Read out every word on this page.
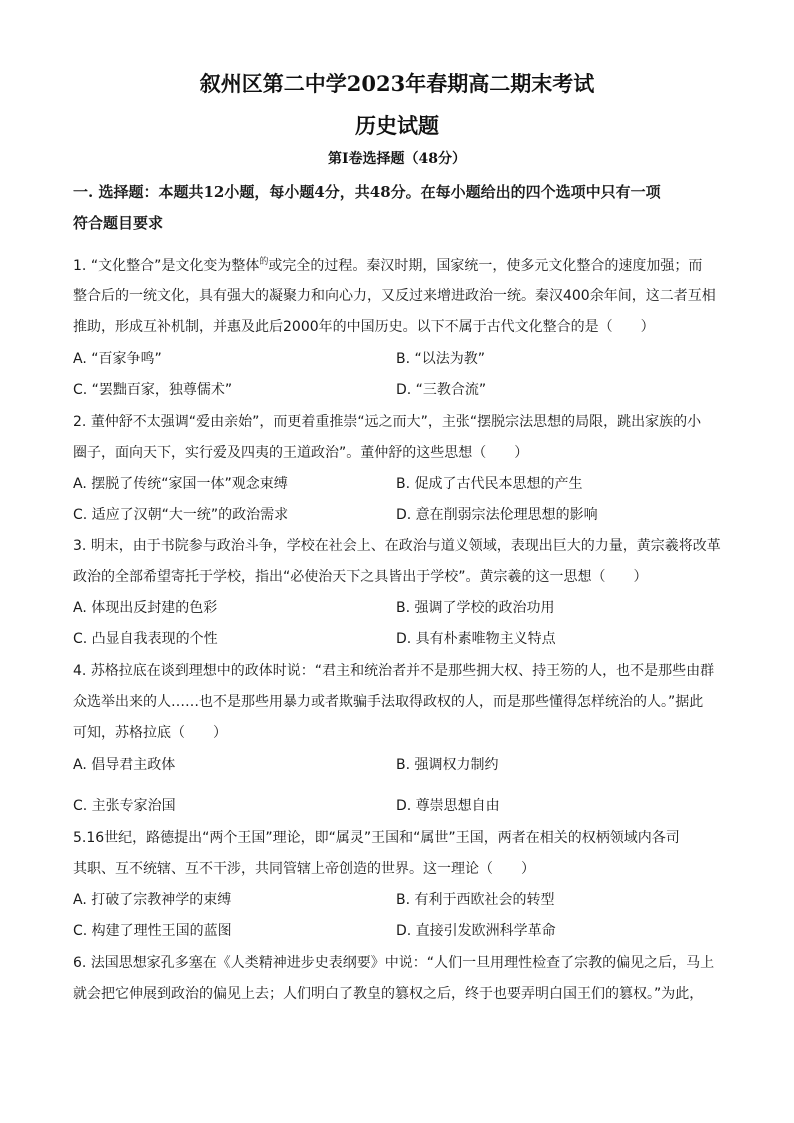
叙州区第二中学2023年春期高二期末考试
历史试题
第I卷选择题（48分）
一. 选择题：本题共12小题，每小题4分，共48分。在每小题给出的四个选项中只有一项
符合题目要求
1. “文化整合”是文化变为整体$^的$或完全的过程。秦汉时期，国家统一，使多元文化整合的速度加强；而
整合后的一统文化，具有强大的凝聚力和向心力，又反过来增进政治一统。秦汉400余年间，这二者互相
推助，形成互补机制，并惠及此后2000年的中国历史。以下不属于古代文化整合的是（　　）
A. “百家争鸣”	B. “以法为教”
C. “罢黜百家，独尊儒术”	D. “三教合流”
2. 董仲舒不太强调“爱由亲始”，而更着重推崇“远之而大”，主张“摆脱宗法思想的局限，跳出家族的小
圈子，面向天下，实行爱及四夷的王道政治”。董仲舒的这些思想（　　）
A. 摆脱了传统“家国一体”观念束缚	B. 促成了古代民本思想的产生
C. 适应了汉朝“大一统”的政治需求	D. 意在削弱宗法伦理思想的影响
3. 明末，由于书院参与政治斗争，学校在社会上、在政治与道义领域，表现出巨大的力量，黄宗羲将改革
政治的全部希望寄托于学校，指出“必使治天下之具皆出于学校”。黄宗羲的这一思想（　　）
A. 体现出反封建的色彩	B. 强调了学校的政治功用
C. 凸显自我表现的个性	D. 具有朴素唯物主义特点
4. 苏格拉底在谈到理想中的政体时说：“君主和统治者并不是那些拥大权、持王笏的人，也不是那些由群
众选举出来的人……也不是那些用暴力或者欺骗手法取得政权的人，而是那些懂得怎样统治的人。”据此
可知，苏格拉底（　　）
A. 倡导君主政体	B. 强调权力制约
C. 主张专家治国	D. 尊崇思想自由
5.16世纪，路德提出“两个王国”理论，即“属灵”王国和“属世”王国，两者在相关的权柄领域内各司
其职、互不统辖、互不干涉，共同管辖上帝创造的世界。这一理论（　　）
A. 打破了宗教神学的束缚	B. 有利于西欧社会的转型
C. 构建了理性王国的蓝图	D. 直接引发欧洲科学革命
6. 法国思想家孔多塞在《人类精神进步史表纲要》中说：“人们一旦用理性检查了宗教的偏见之后，马上
就会把它伸展到政治的偏见上去；人们明白了教皇的篡权之后，终于也要弄明白国王们的篡权。”为此，
